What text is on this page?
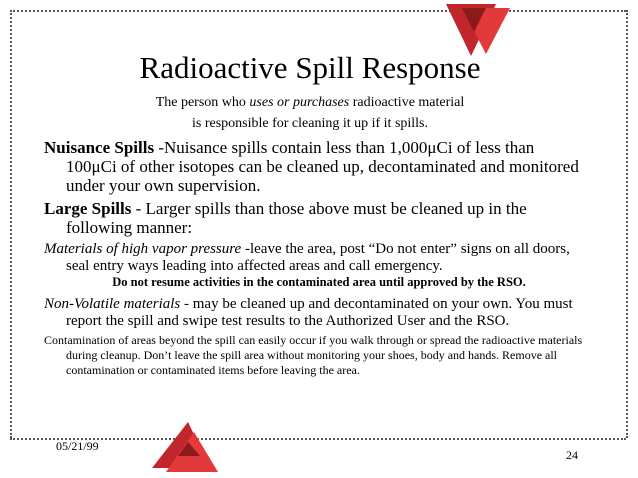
Radioactive Spill Response
The person who uses or purchases radioactive material
is responsible for cleaning it up if it spills.

Nuisance Spills -Nuisance spills contain less than 1,000μCi of less than 100μCi of other isotopes can be cleaned up, decontaminated and monitored under your own supervision.

Large Spills - Larger spills than those above must be cleaned up in the following manner:

Materials of high vapor pressure -leave the area, post “Do not enter” signs on all doors, seal entry ways leading into affected areas and call emergency.

Do not resume activities in the contaminated area until approved by the RSO.

Non-Volatile materials - may be cleaned up and decontaminated on your own. You must report the spill and swipe test results to the Authorized User and the RSO.

Contamination of areas beyond the spill can easily occur if you walk through or spread the radioactive materials during cleanup. Don’t leave the spill area without monitoring your shoes, body and hands. Remove all contamination or contaminated items before leaving the area.

05/21/99
24
